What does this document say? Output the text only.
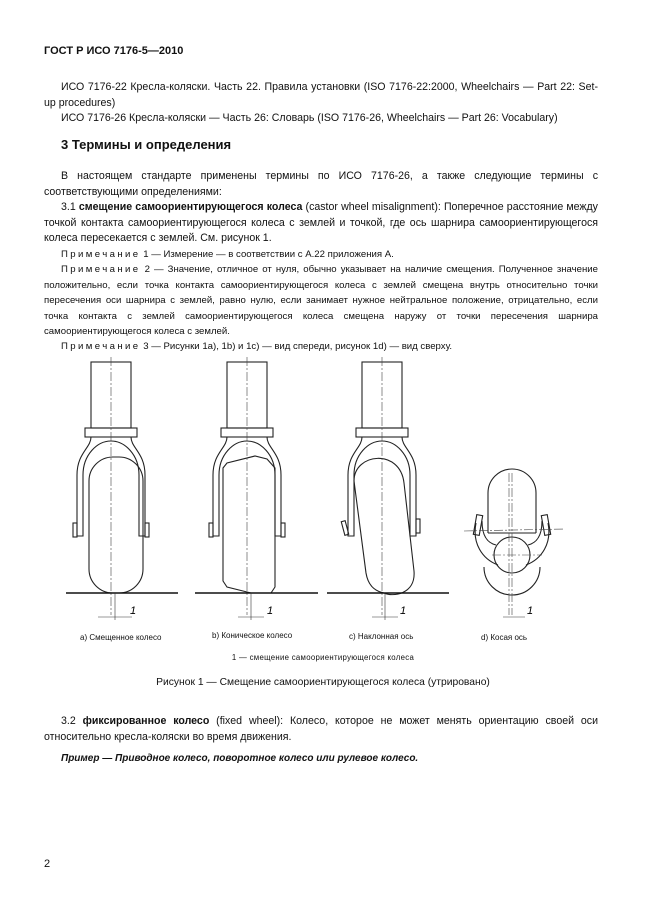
ГОСТ Р ИСО 7176-5—2010

ИСО 7176-22 Кресла-коляски. Часть 22. Правила установки (ISO 7176-22:2000, Wheelchairs — Part 22: Set-up procedures)

ИСО 7176-26 Кресла-коляски — Часть 26: Словарь (ISO 7176-26, Wheelchairs — Part 26: Vocabulary)

3 Термины и определения

В настоящем стандарте применены термины по ИСО 7176-26, а также следующие термины с соответствующими определениями:

3.1 смещение самоориентирующегося колеса (castor wheel misalignment): Поперечное расстояние между точкой контакта самоориентирующегося колеса с землей и точкой, где ось шарнира самоориентирующегося колеса пересекается с землей. См. рисунок 1.

Примечание 1 — Измерение — в соответствии с А.22 приложения А.

Примечание 2 — Значение, отличное от нуля, обычно указывает на наличие смещения. Полученное значение положительно, если точка контакта самоориентирующегося колеса с землей смещена внутрь относительно точки пересечения оси шарнира с землей, равно нулю, если занимает нужное нейтральное положение, отрицательно, если точка контакта с землей самоориентирующегося колеса смещена наружу от точки пересечения шарнира самоориентирующегося колеса с землей.

Примечание 3 — Рисунки 1a), 1b) и 1c) — вид спереди, рисунок 1d) — вид сверху.

1	1	1	1
a) Смещенное колесо	b) Коническое колесо	c) Наклонная ось	d) Косая ось
1 — смещение самоориентирующегося колеса
Рисунок 1 — Смещение самоориентирующегося колеса (утрировано)

3.2 фиксированное колесо (fixed wheel): Колесо, которое не может менять ориентацию своей оси относительно кресла-коляски во время движения.

Пример — Приводное колесо, поворотное колесо или рулевое колесо.
2
